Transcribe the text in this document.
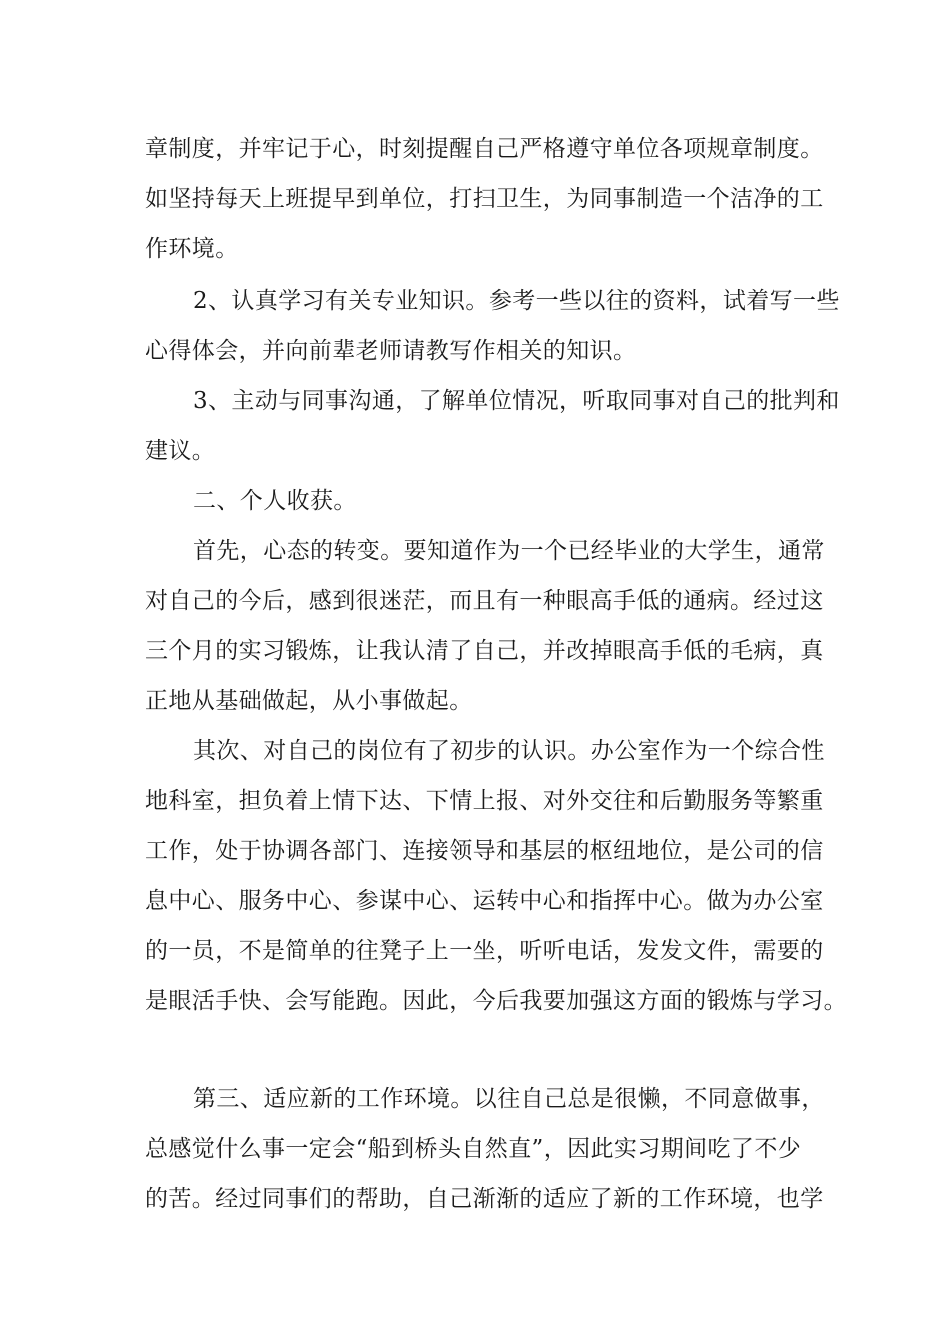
章制度，并牢记于心，时刻提醒自己严格遵守单位各项规章制度。
如坚持每天上班提早到单位，打扫卫生，为同事制造一个洁净的工
作环境。
2、认真学习有关专业知识。参考一些以往的资料，试着写一些
心得体会，并向前辈老师请教写作相关的知识。
3、主动与同事沟通，了解单位情况，听取同事对自己的批判和
建议。
二、个人收获。
首先，心态的转变。要知道作为一个已经毕业的大学生，通常
对自己的今后，感到很迷茫，而且有一种眼高手低的通病。经过这
三个月的实习锻炼，让我认清了自己，并改掉眼高手低的毛病，真
正地从基础做起，从小事做起。
其次、对自己的岗位有了初步的认识。办公室作为一个综合性
地科室，担负着上情下达、下情上报、对外交往和后勤服务等繁重
工作，处于协调各部门、连接领导和基层的枢纽地位，是公司的信
息中心、服务中心、参谋中心、运转中心和指挥中心。做为办公室
的一员，不是简单的往凳子上一坐，听听电话，发发文件，需要的
是眼活手快、会写能跑。因此，今后我要加强这方面的锻炼与学习。
第三、适应新的工作环境。以往自己总是很懒，不同意做事，
总感觉什么事一定会“船到桥头自然直”，因此实习期间吃了不少
的苦。经过同事们的帮助，自己渐渐的适应了新的工作环境，也学
